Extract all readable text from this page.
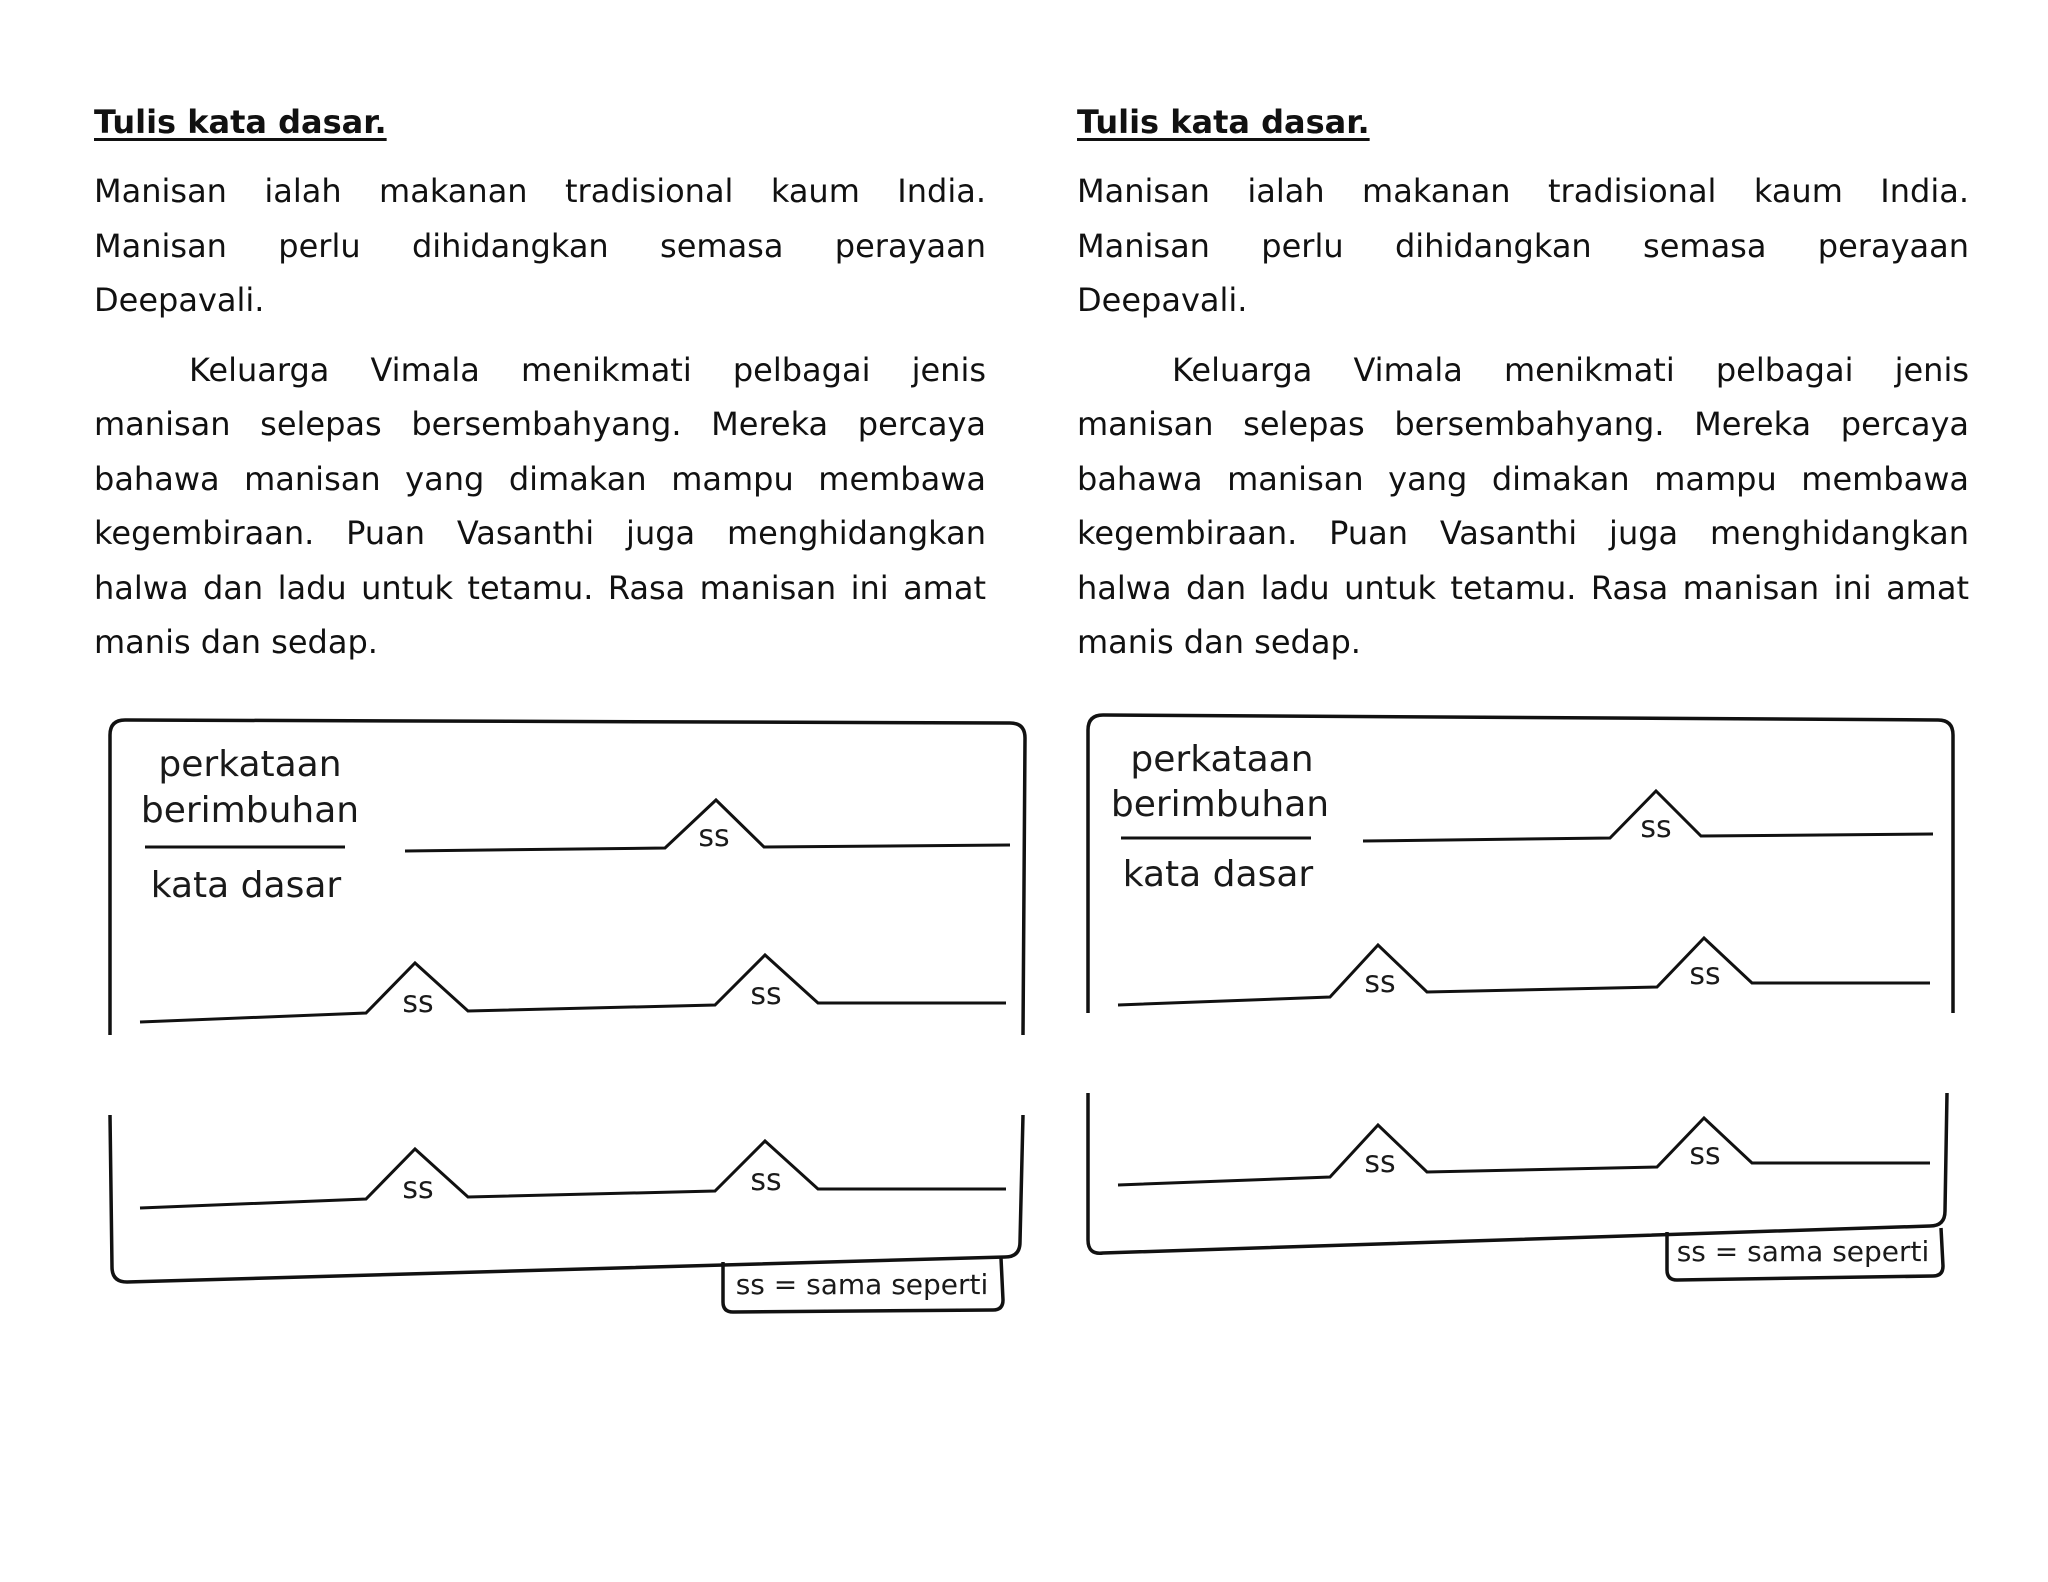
Tulis kata dasar.

Manisan ialah makanan tradisional kaum India. Manisan perlu dihidangkan semasa perayaan Deepavali.

Keluarga Vimala menikmati pelbagai jenis manisan selepas bersembahyang. Mereka percaya bahawa manisan yang dimakan mampu membawa kegembiraan. Puan Vasanthi juga menghidangkan halwa dan ladu untuk tetamu. Rasa manisan ini amat manis dan sedap.

Tulis kata dasar.

Manisan ialah makanan tradisional kaum India. Manisan perlu dihidangkan semasa perayaan Deepavali.

Keluarga Vimala menikmati pelbagai jenis manisan selepas bersembahyang. Mereka percaya bahawa manisan yang dimakan mampu membawa kegembiraan. Puan Vasanthi juga menghidangkan halwa dan ladu untuk tetamu. Rasa manisan ini amat manis dan sedap.

perkataan
berimbuhan
kata dasar
ss
ss	ss
ss	ss
ss = sama seperti
perkataan
berimbuhan
kata dasar
ss
ss	ss
ss	ss
ss = sama seperti
